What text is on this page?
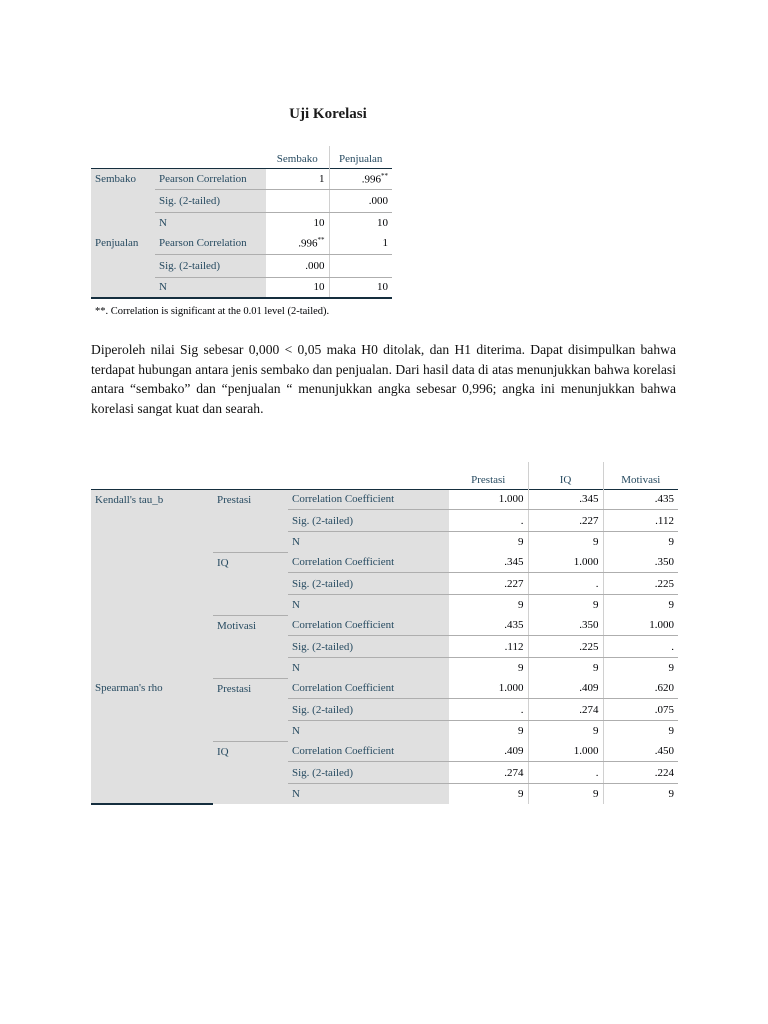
Uji Korelasi
		Sembako	Penjualan
Sembako	Pearson Correlation	1	.996**
	Sig. (2-tailed)		.000
	N	10	10
Penjualan	Pearson Correlation	.996**	1
	Sig. (2-tailed)	.000	
	N	10	10
**. Correlation is significant at the 0.01 level (2-tailed).
Diperoleh nilai Sig sebesar 0,000 < 0,05 maka H0 ditolak, dan H1 diterima. Dapat disimpulkan bahwa terdapat hubungan antara jenis sembako dan penjualan. Dari hasil data di atas menunjukkan bahwa korelasi antara “sembako” dan “penjualan “ menunjukkan angka sebesar 0,996; angka ini menunjukkan bahwa korelasi sangat kuat dan searah.
			Prestasi	IQ	Motivasi
Kendall's tau_b	Prestasi	Correlation Coefficient	1.000	.345	.435
		Sig. (2-tailed)	.	.227	.112
		N	9	9	9
	IQ	Correlation Coefficient	.345	1.000	.350
		Sig. (2-tailed)	.227	.	.225
		N	9	9	9
	Motivasi	Correlation Coefficient	.435	.350	1.000
		Sig. (2-tailed)	.112	.225	.
		N	9	9	9
Spearman's rho	Prestasi	Correlation Coefficient	1.000	.409	.620
		Sig. (2-tailed)	.	.274	.075
		N	9	9	9
	IQ	Correlation Coefficient	.409	1.000	.450
		Sig. (2-tailed)	.274	.	.224
		N	9	9	9
